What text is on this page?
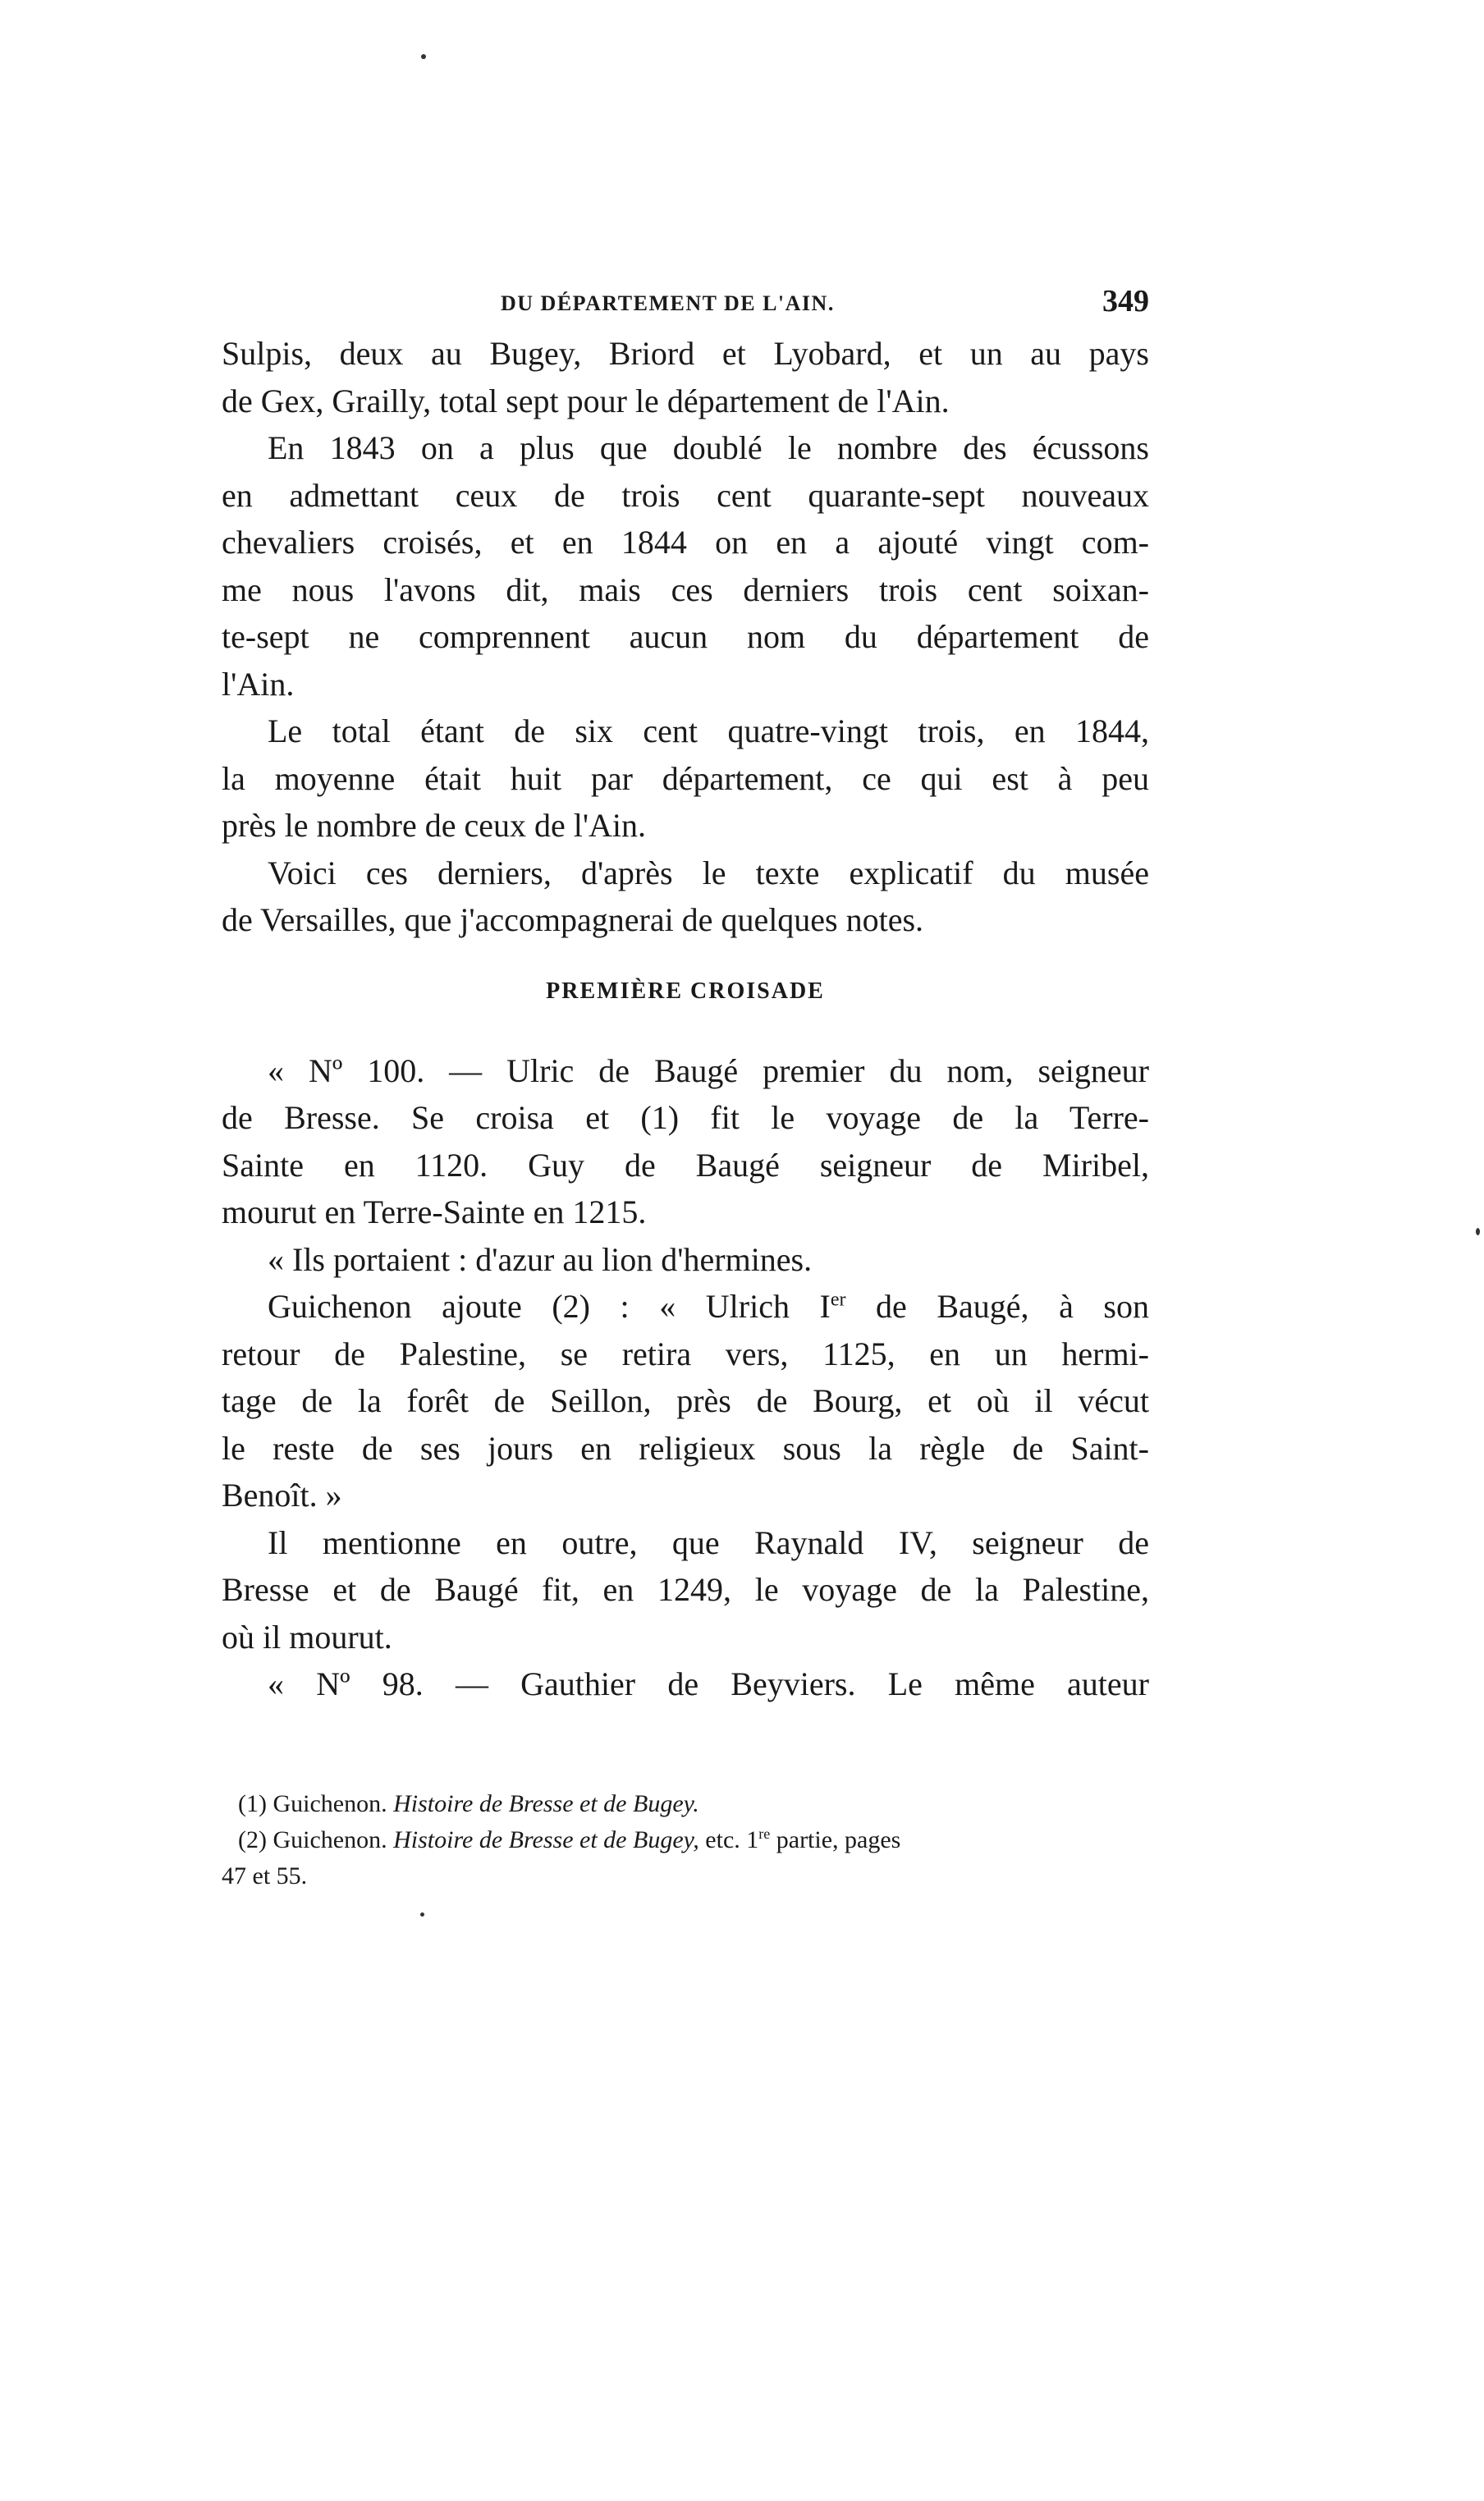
DU DÉPARTEMENT DE L'AIN.	349

Sulpis, deux au Bugey, Briord et Lyobard, et un au pays

de Gex, Grailly, total sept pour le département de l'Ain.

En 1843 on a plus que doublé le nombre des écussons

en admettant ceux de trois cent quarante-sept nouveaux

chevaliers croisés, et en 1844 on en a ajouté vingt com-

me nous l'avons dit, mais ces derniers trois cent soixan-

te-sept ne comprennent aucun nom du département de

l'Ain.

Le total étant de six cent quatre-vingt trois, en 1844,

la moyenne était huit par département, ce qui est à peu

près le nombre de ceux de l'Ain.

Voici ces derniers, d'après le texte explicatif du musée

de Versailles, que j'accompagnerai de quelques notes.

PREMIÈRE CROISADE

« Nº 100. — Ulric de Baugé premier du nom, seigneur

de Bresse. Se croisa et (1) fit le voyage de la Terre-

Sainte en 1120. Guy de Baugé seigneur de Miribel,

mourut en Terre-Sainte en 1215.

« Ils portaient : d'azur au lion d'hermines.

Guichenon ajoute (2) : « Ulrich Ier de Baugé, à son

retour de Palestine, se retira vers, 1125, en un hermi-

tage de la forêt de Seillon, près de Bourg, et où il vécut

le reste de ses jours en religieux sous la règle de Saint-

Benoît. »

Il mentionne en outre, que Raynald IV, seigneur de

Bresse et de Baugé fit, en 1249, le voyage de la Palestine,

où il mourut.

« Nº 98. — Gauthier de Beyviers. Le même auteur

(1) Guichenon. Histoire de Bresse et de Bugey.

(2) Guichenon. Histoire de Bresse et de Bugey, etc. 1re partie, pages

47 et 55.
